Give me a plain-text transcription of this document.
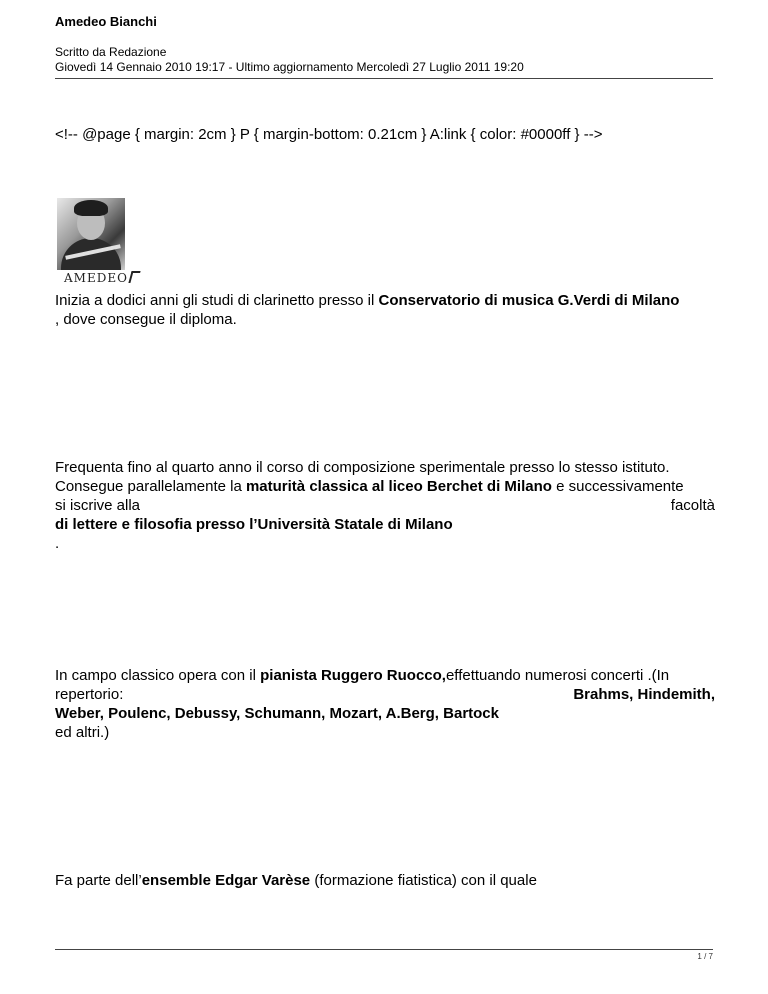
Amedeo Bianchi
Scritto da Redazione
Giovedì 14 Gennaio 2010 19:17 - Ultimo aggiornamento Mercoledì 27 Luglio 2011 19:20
<!-- @page { margin: 2cm } P { margin-bottom: 0.21cm } A:link { color: #0000ff } -->
AMEDEO
Inizia a dodici anni gli studi di clarinetto presso il Conservatorio di musica G.Verdi di Milano
, dove consegue il diploma.
Frequenta fino al quarto anno il corso di composizione sperimentale presso lo stesso istituto.
Consegue parallelamente la maturità classica al liceo Berchet di Milano e successivamente
si iscrive alla	facoltà
di lettere e filosofia presso l’Università Statale di Milano
.
In campo classico opera con il pianista Ruggero Ruocco,effettuando numerosi concerti .(In
repertorio:	Brahms, Hindemith,
Weber, Poulenc, Debussy, Schumann, Mozart, A.Berg, Bartock
ed altri.)
Fa parte dell’ensemble Edgar Varèse (formazione fiatistica) con il quale
1 / 7
